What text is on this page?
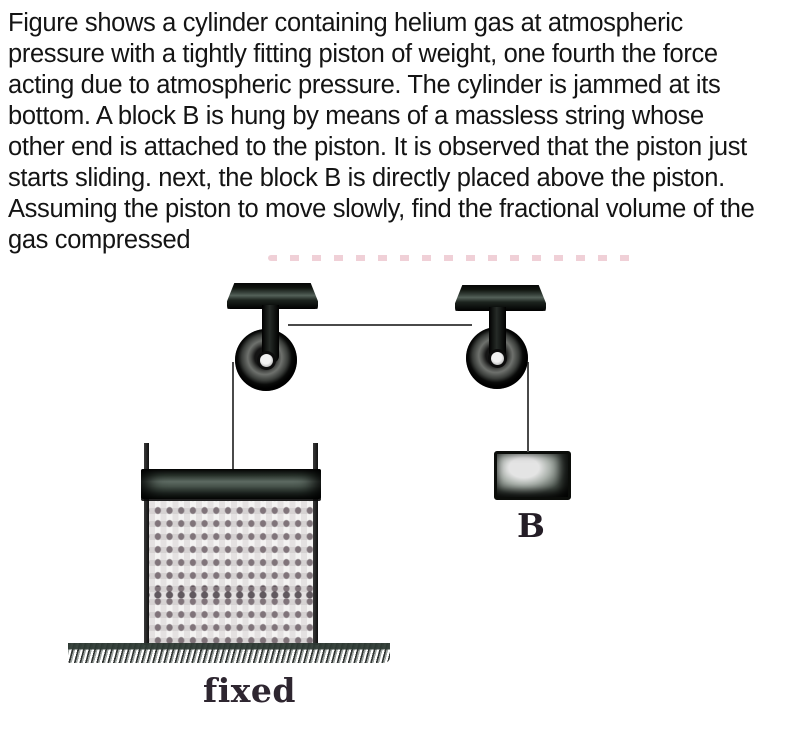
Figure shows a cylinder containing helium gas at atmospheric
pressure with a tightly fitting piston of weight, one fourth the force
acting due to atmospheric pressure. The cylinder is jammed at its
bottom. A block B is hung by means of a massless string whose
other end is attached to the piston. It is observed that the piston just
starts sliding. next, the block B is directly placed above the piston.
Assuming the piston to move slowly, find the fractional volume of the
gas compressed
B
fixed
